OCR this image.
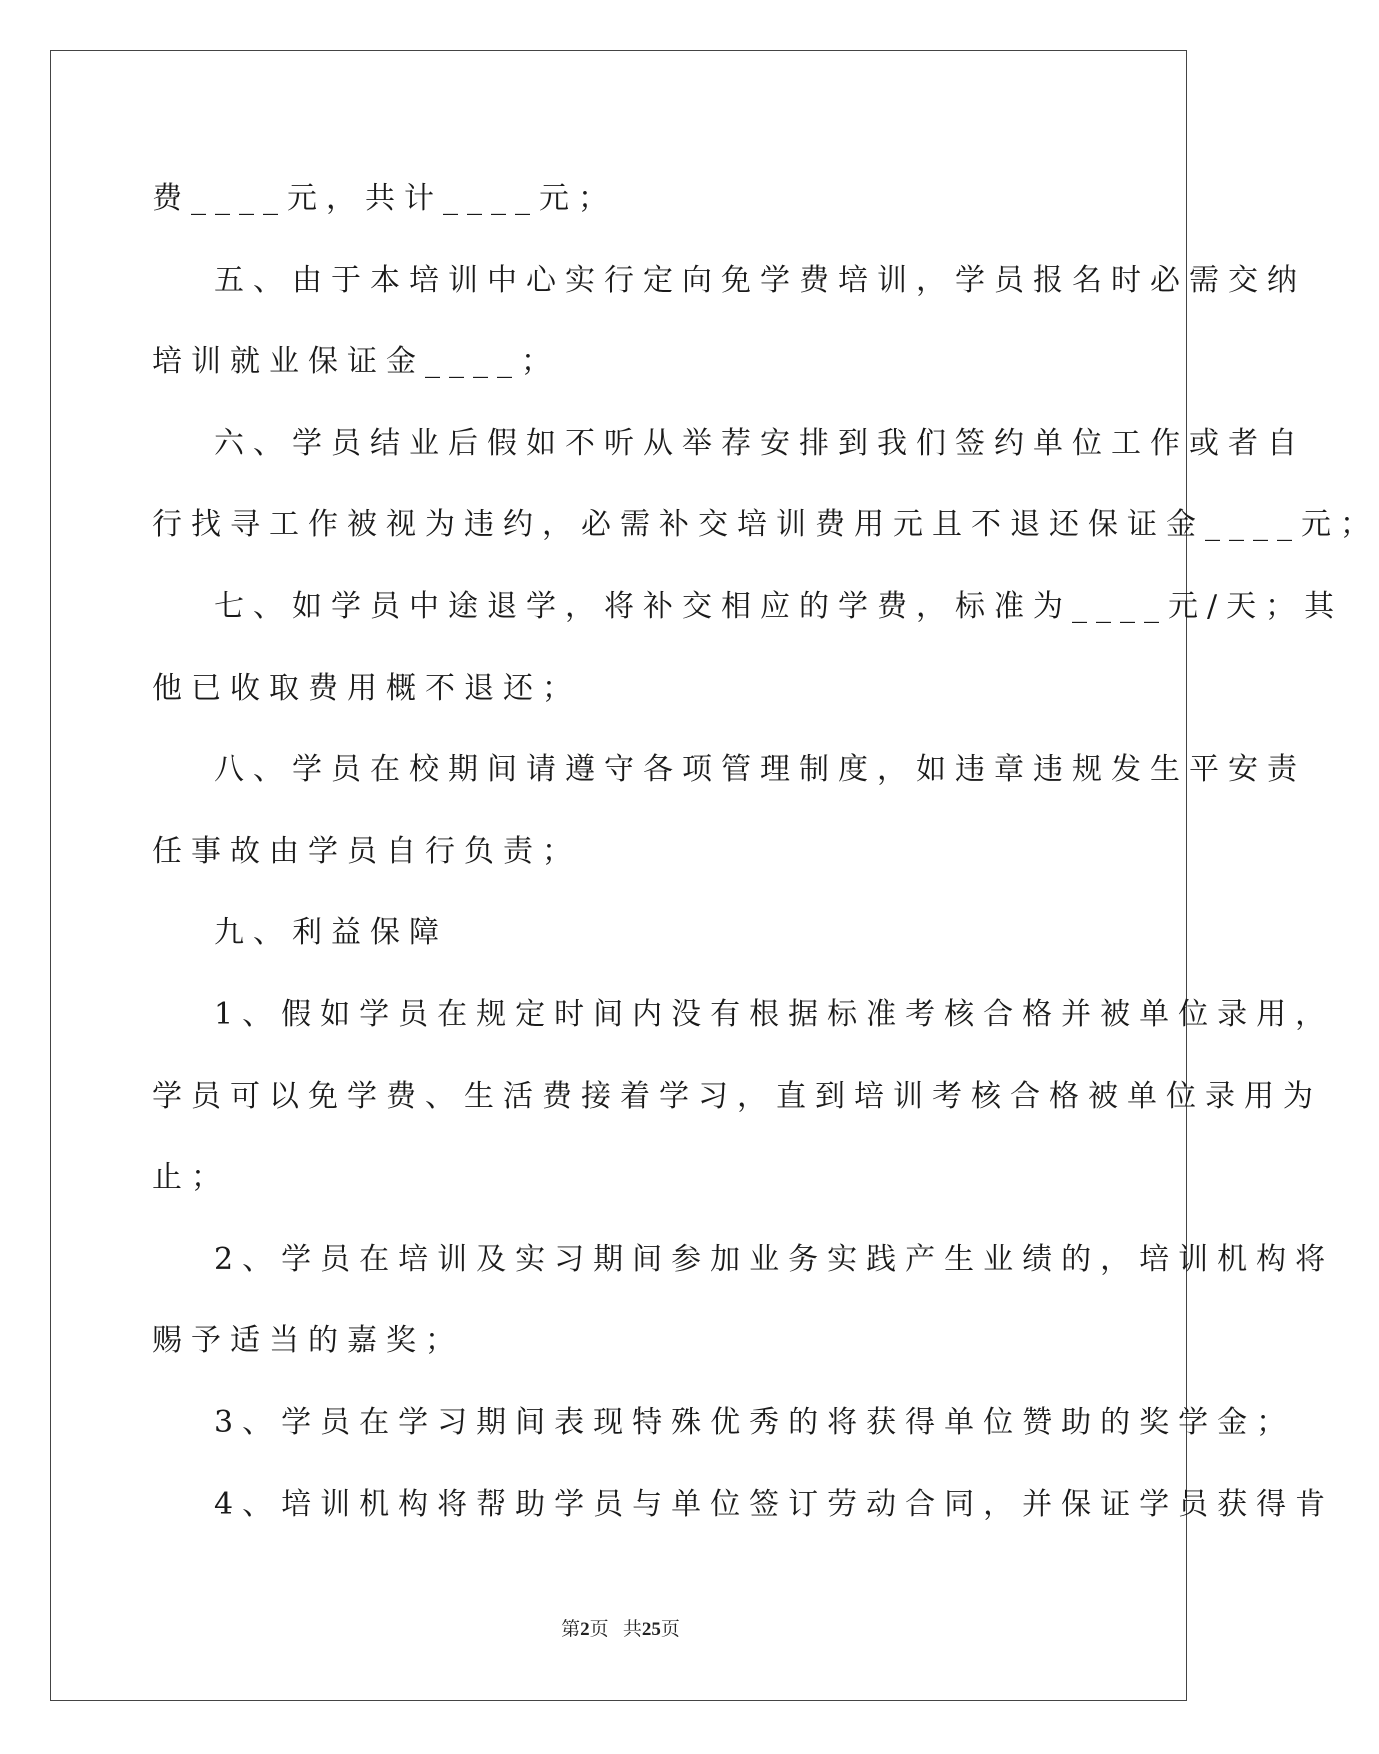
费____元，共计____元；
五、由于本培训中心实行定向免学费培训，学员报名时必需交纳
培训就业保证金____；
六、学员结业后假如不听从举荐安排到我们签约单位工作或者自
行找寻工作被视为违约，必需补交培训费用元且不退还保证金____元；
七、如学员中途退学，将补交相应的学费，标准为____元/天；其
他已收取费用概不退还；
八、学员在校期间请遵守各项管理制度，如违章违规发生平安责
任事故由学员自行负责；
九、利益保障
1、假如学员在规定时间内没有根据标准考核合格并被单位录用，
学员可以免学费、生活费接着学习，直到培训考核合格被单位录用为
止；
2、学员在培训及实习期间参加业务实践产生业绩的，培训机构将
赐予适当的嘉奖；
3、学员在学习期间表现特殊优秀的将获得单位赞助的奖学金；
4、培训机构将帮助学员与单位签订劳动合同，并保证学员获得肯
第2页 共25页
